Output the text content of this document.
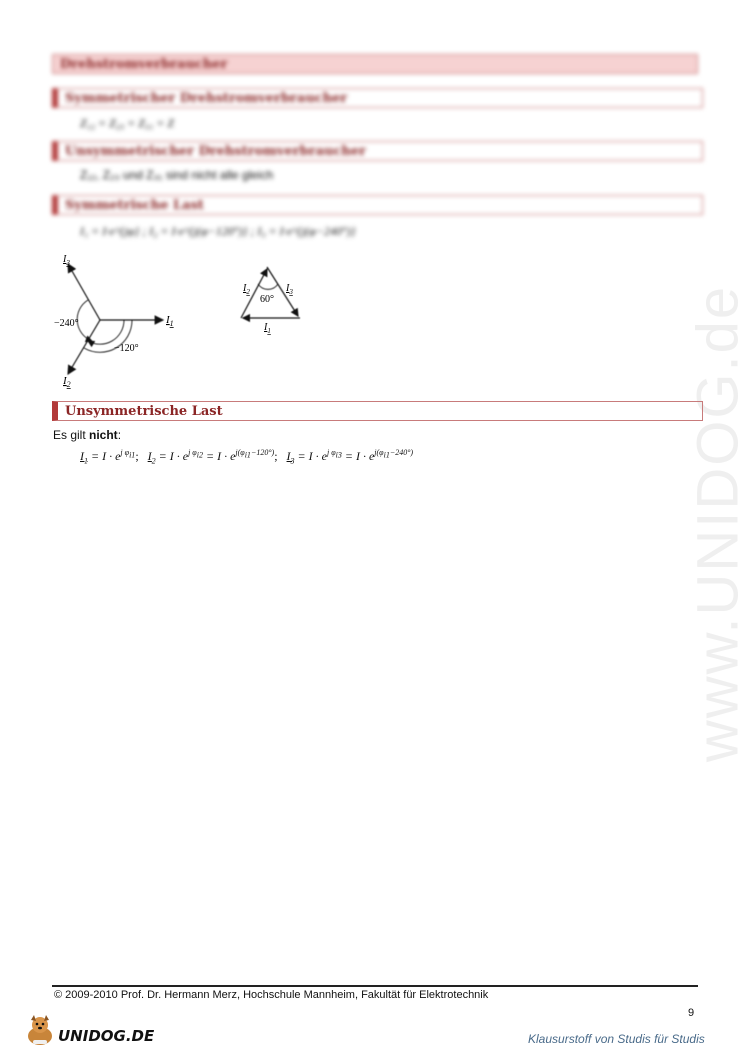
www.UNIDOG.de
Drehstromverbraucher
Symmetrischer Drehstromverbraucher
Z₁₂ = Z₂₃ = Z₃₁ = Z
Unsymmetrischer Drehstromverbraucher
Z₁₂, Z₂₃ und Z₃₁ sind nicht alle gleich
Symmetrische Last
I₁ = I·e^{jφ} ; I₂ = I·e^{j(φ−120°)} ; I₃ = I·e^{j(φ−240°)}
$I_3$
$I_1$
$I_2$
−240°
−120°
$I_2$	$I_3$
60°
$I_1$
Unsymmetrische Last
Es gilt nicht:
$I_1 = I \cdot e^{j \varphi_{i1}}$; $I_2 = I \cdot e^{j \varphi_{i2}} = I \cdot e^{j(\varphi_{i1}-120^\circ)}$; $I_3 = I \cdot e^{j \varphi_{i3}} = I \cdot e^{j(\varphi_{i1}-240^\circ)}$
© 2009-2010 Prof. Dr. Hermann Merz, Hochschule Mannheim, Fakultät für Elektrotechnik
9
UNIDOG.DE	Klausurstoff von Studis für Studis
